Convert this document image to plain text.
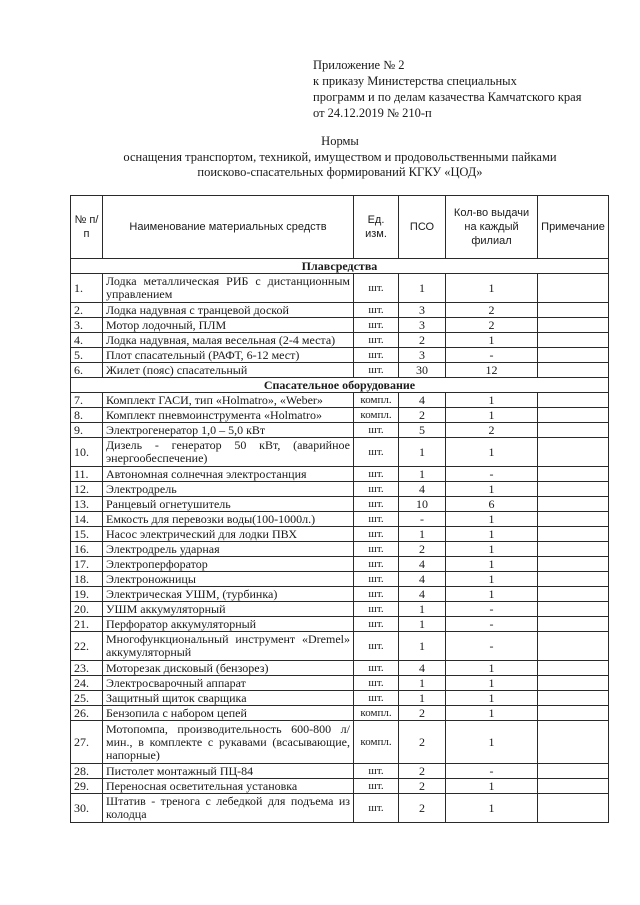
Приложение № 2
к приказу Министерства специальных
программ и по делам казачества Камчатского края
от 24.12.2019 № 210-п
Нормы
оснащения транспортом, техникой, имуществом и продовольственными пайками
поисково-спасательных формирований КГКУ «ЦОД»
№ п/п	Наименование материальных средств	Ед. изм.	ПСО	Кол-во выдачи на каждый филиал	Примечание
Плавсредства					
1.	Лодка металлическая РИБ с дистанционным управлением	шт.	1	1	
2.	Лодка надувная с транцевой доской	шт.	3	2	
3.	Мотор лодочный, ПЛМ	шт.	3	2	
4.	Лодка надувная, малая весельная (2-4 места)	шт.	2	1	
5.	Плот спасательный (РАФТ, 6-12 мест)	шт.	3	-	
6.	Жилет (пояс) спасательный	шт.	30	12	
Спасательное оборудование					
7.	Комплект ГАСИ, тип «Holmatro», «Weber»	компл.	4	1	
8.	Комплект пневмоинструмента «Holmatro»	компл.	2	1	
9.	Электрогенератор 1,0 – 5,0 кВт	шт.	5	2	
10.	Дизель - генератор 50 кВт, (аварийное энергообеспечение)	шт.	1	1	
11.	Автономная солнечная электростанция	шт.	1	-	
12.	Электродрель	шт.	4	1	
13.	Ранцевый огнетушитель	шт.	10	6	
14.	Емкость для перевозки воды(100-1000л.)	шт.	-	1	
15.	Насос электрический для лодки ПВХ	шт.	1	1	
16.	Электродрель ударная	шт.	2	1	
17.	Электроперфоратор	шт.	4	1	
18.	Электроножницы	шт.	4	1	
19.	Электрическая УШМ, (турбинка)	шт.	4	1	
20.	УШМ аккумуляторный	шт.	1	-	
21.	Перфоратор аккумуляторный	шт.	1	-	
22.	Многофункциональный инструмент «Dremel» аккумуляторный	шт.	1	-	
23.	Моторезак дисковый (бензорез)	шт.	4	1	
24.	Электросварочный аппарат	шт.	1	1	
25.	Защитный щиток сварщика	шт.	1	1	
26.	Бензопила с набором цепей	компл.	2	1	
27.	Мотопомпа, производительность 600-800 л/мин., в комплекте с рукавами (всасывающие, напорные)	компл.	2	1	
28.	Пистолет монтажный ПЦ-84	шт.	2	-	
29.	Переносная осветительная установка	шт.	2	1	
30.	Штатив - тренога с лебедкой для подъема из колодца	шт.	2	1	
